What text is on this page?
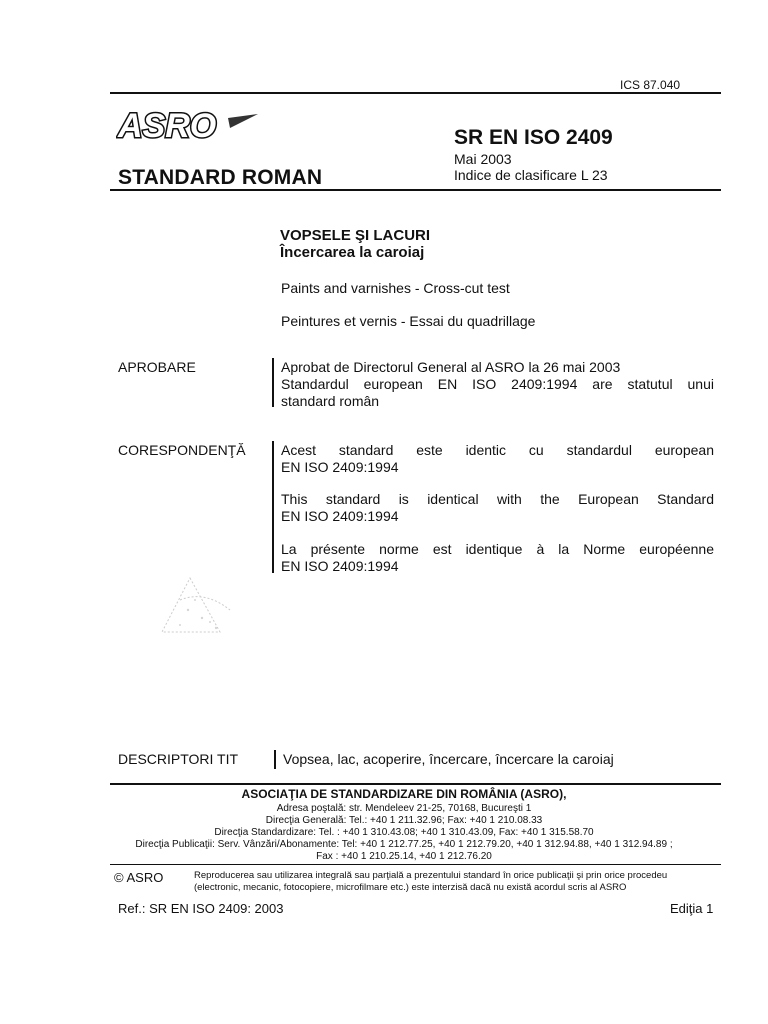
ICS 87.040
ASRO
STANDARD ROMAN
SR EN ISO 2409
Mai 2003
Indice de clasificare L 23
VOPSELE ŞI LACURI
Încercarea la caroiaj
Paints and varnishes - Cross-cut test
Peintures et vernis - Essai du quadrillage
APROBARE	Aprobat de Directorul General al ASRO la 26 mai 2003
Standardul european EN ISO 2409:1994 are statutul unui
standard român
CORESPONDENŢĂ	Acest standard este identic cu standardul european
EN ISO 2409:1994
This standard is identical with the European Standard
EN ISO 2409:1994
La présente norme est identique à la Norme européenne
EN ISO 2409:1994
DESCRIPTORI TIT	Vopsea, lac, acoperire, încercare, încercare la caroiaj
ASOCIAŢIA DE STANDARDIZARE DIN ROMÂNIA (ASRO),
Adresa poştală: str. Mendeleev 21-25, 70168, Bucureşti 1
Direcţia Generală: Tel.: +40 1 211.32.96; Fax: +40 1 210.08.33
Direcţia Standardizare: Tel. : +40 1 310.43.08; +40 1 310.43.09, Fax: +40 1 315.58.70
Direcţia Publicaţii: Serv. Vânzări/Abonamente: Tel: +40 1 212.77.25, +40 1 212.79.20, +40 1 312.94.88, +40 1 312.94.89 ;
Fax : +40 1 210.25.14, +40 1 212.76.20
© ASRO	Reproducerea sau utilizarea integrală sau parţială a prezentului standard în orice publicaţii şi prin orice procedeu
(electronic, mecanic, fotocopiere, microfilmare etc.) este interzisă dacă nu există acordul scris al ASRO
Ref.: SR EN ISO 2409: 2003	Ediţia 1
